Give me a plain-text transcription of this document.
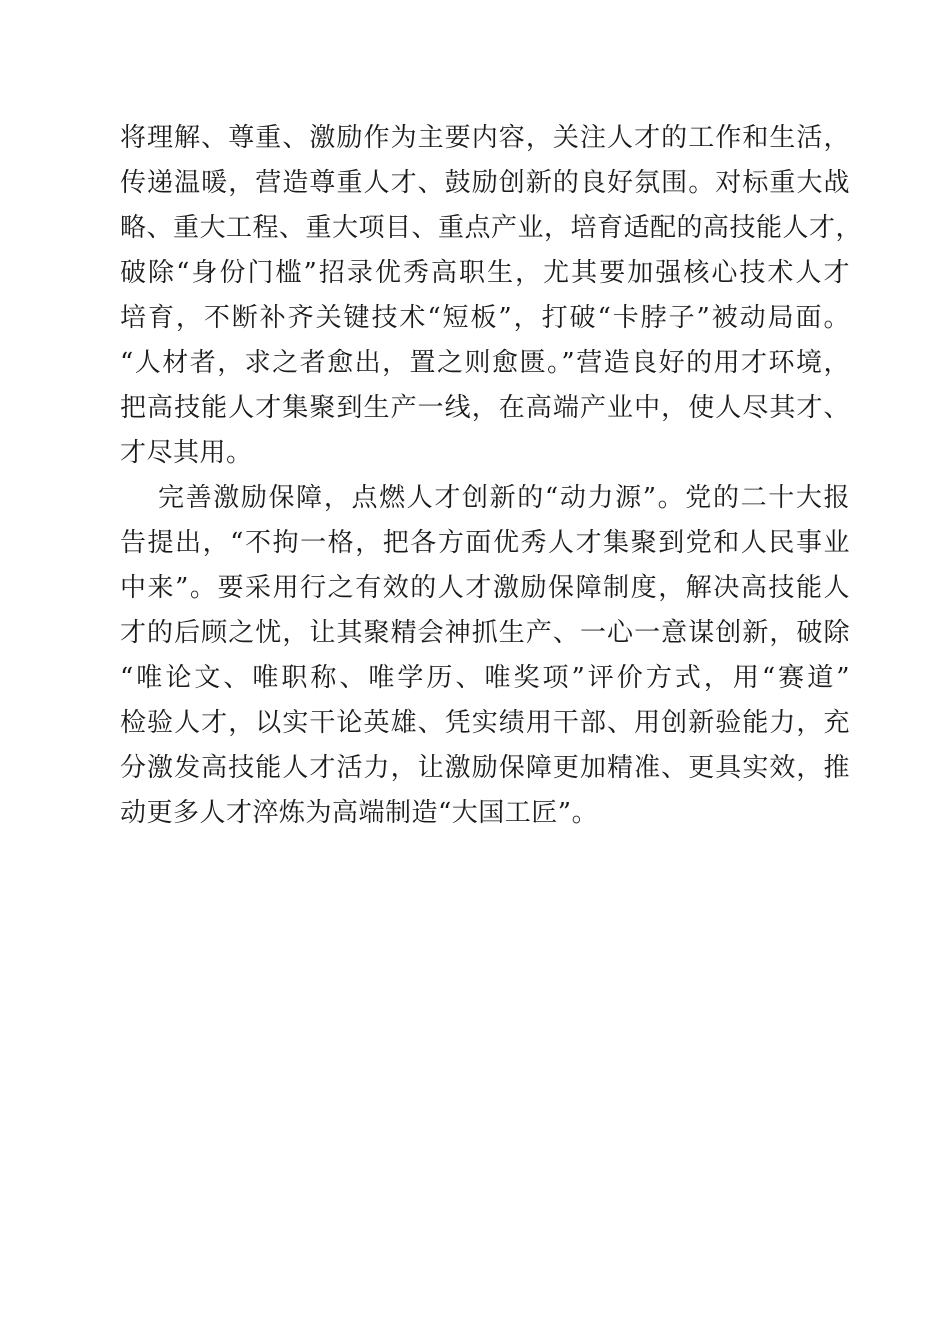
将理解、尊重、激励作为主要内容，关注人才的工作和生活，
传递温暖，营造尊重人才、鼓励创新的良好氛围。对标重大战
略、重大工程、重大项目、重点产业，培育适配的高技能人才，
破除“身份门槛”招录优秀高职生，尤其要加强核心技术人才
培育，不断补齐关键技术“短板”，打破“卡脖子”被动局面。
“人材者，求之者愈出，置之则愈匮。”营造良好的用才环境，
把高技能人才集聚到生产一线，在高端产业中，使人尽其才、
才尽其用。
完善激励保障，点燃人才创新的“动力源”。党的二十大报
告提出，“不拘一格，把各方面优秀人才集聚到党和人民事业
中来”。要采用行之有效的人才激励保障制度，解决高技能人
才的后顾之忧，让其聚精会神抓生产、一心一意谋创新，破除
“唯论文、唯职称、唯学历、唯奖项”评价方式，用“赛道”
检验人才，以实干论英雄、凭实绩用干部、用创新验能力，充
分激发高技能人才活力，让激励保障更加精准、更具实效，推
动更多人才淬炼为高端制造“大国工匠”。
